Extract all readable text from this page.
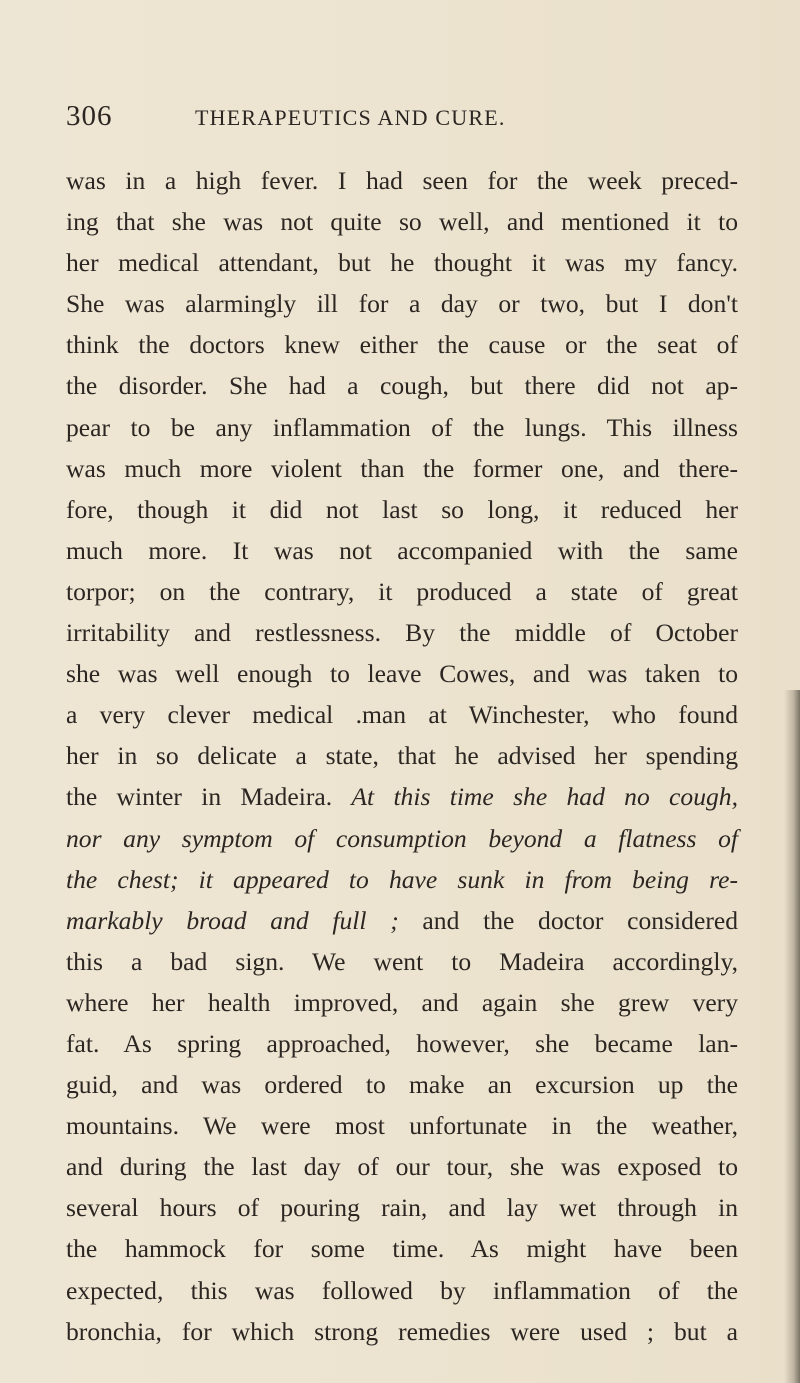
306	THERAPEUTICS AND CURE.
was in a high fever. I had seen for the week preced-
ing that she was not quite so well, and mentioned it to
her medical attendant, but he thought it was my fancy.
She was alarmingly ill for a day or two, but I don't
think the doctors knew either the cause or the seat of
the disorder. She had a cough, but there did not ap-
pear to be any inflammation of the lungs. This illness
was much more violent than the former one, and there-
fore, though it did not last so long, it reduced her
much more. It was not accompanied with the same
torpor; on the contrary, it produced a state of great
irritability and restlessness. By the middle of October
she was well enough to leave Cowes, and was taken to
a very clever medical .man at Winchester, who found
her in so delicate a state, that he advised her spending
the winter in Madeira. At this time she had no cough,
nor any symptom of consumption beyond a flatness of
the chest; it appeared to have sunk in from being re-
markably broad and full ; and the doctor considered
this a bad sign. We went to Madeira accordingly,
where her health improved, and again she grew very
fat. As spring approached, however, she became lan-
guid, and was ordered to make an excursion up the
mountains. We were most unfortunate in the weather,
and during the last day of our tour, she was exposed to
several hours of pouring rain, and lay wet through in
the hammock for some time. As might have been
expected, this was followed by inflammation of the
bronchia, for which strong remedies were used ; but a
